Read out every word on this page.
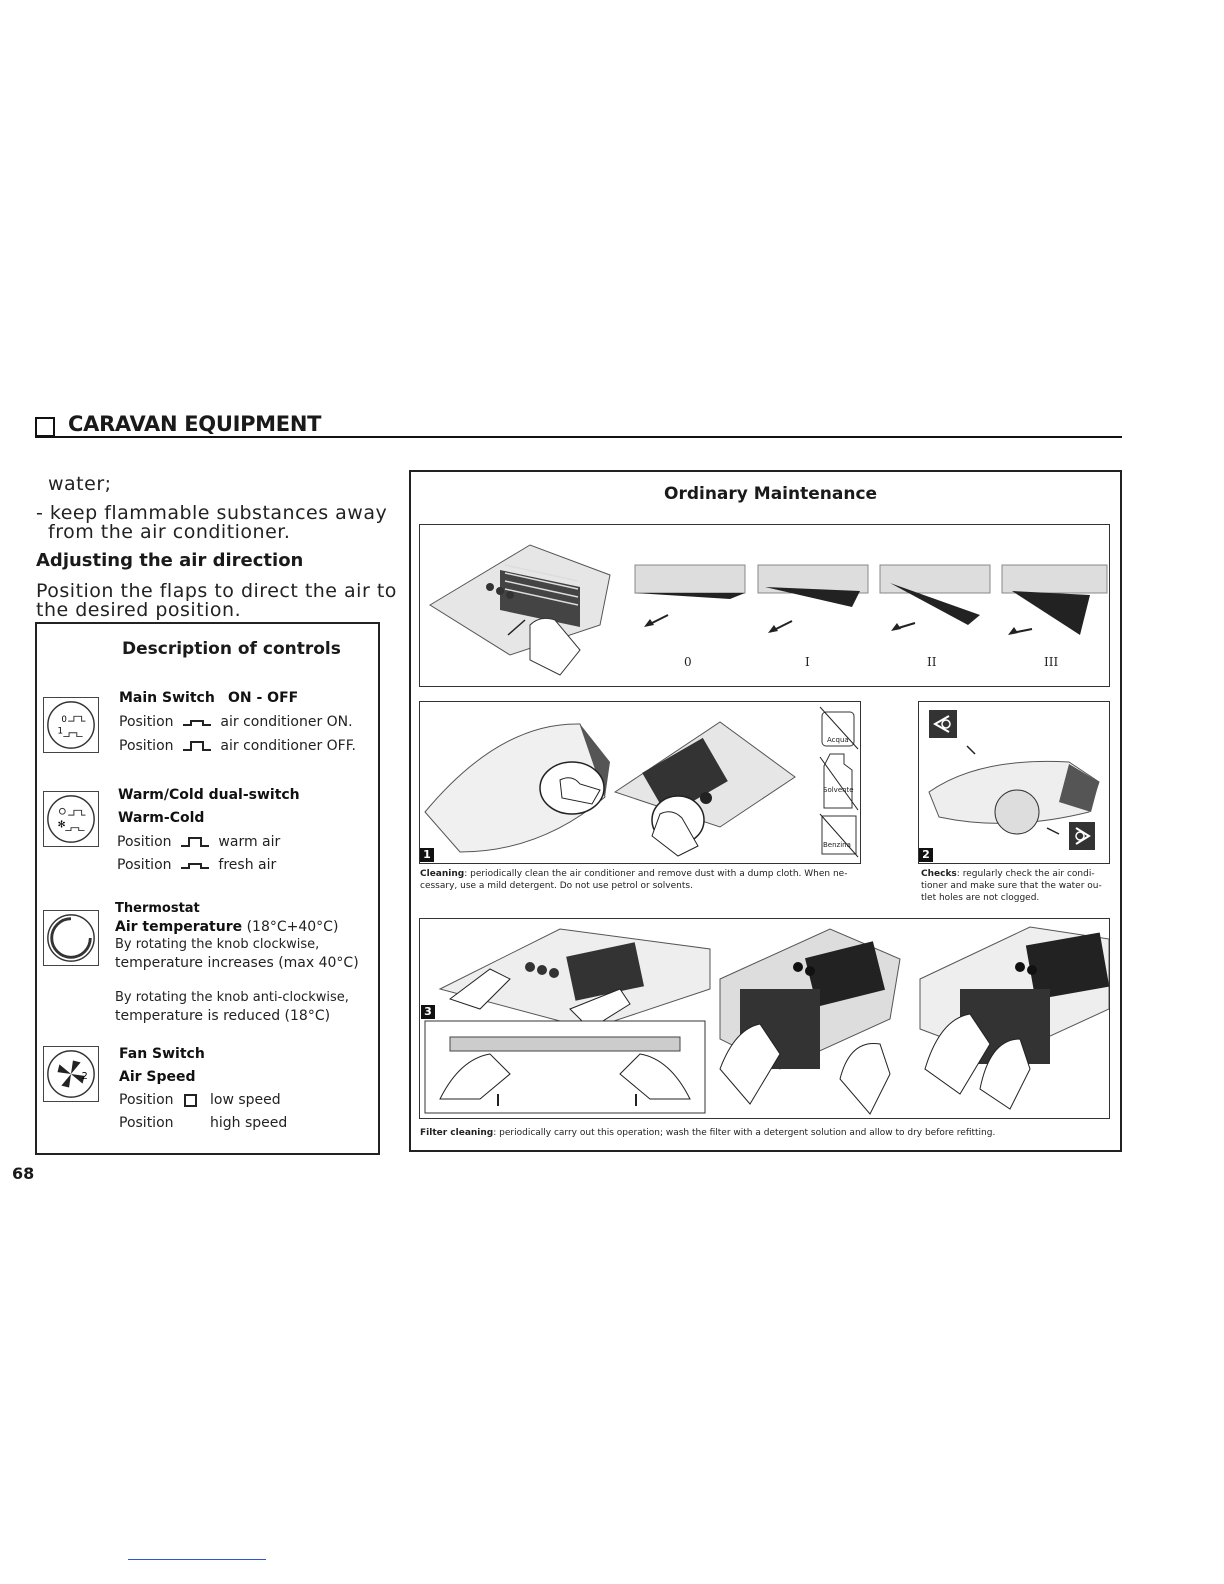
CARAVAN EQUIPMENT
water;
- keep flammable substances away
from the air conditioner.
Adjusting the air direction
Position the flaps to direct the air to
the desired position.
Description of controls
0
1
Main Switch ON - OFF
Position	air conditioner ON.
Position	air conditioner OFF.
✻
Warm/Cold dual-switch
Warm-Cold
Position	warm air
Position	fresh air
Thermostat
Air temperature (18°C+40°C)
By rotating the knob clockwise,
temperature increases (max 40°C)
By rotating the knob anti-clockwise,
temperature is reduced (18°C)
2
Fan Switch
Air Speed
Position	low speed
Position	high speed
Ordinary Maintenance
0	I	II	III
Acqua
Solvente
Benzina
1
Cleaning: periodically clean the air conditioner and remove dust with a dump cloth. When ne-
cessary, use a mild detergent. Do not use petrol or solvents.
2
Checks: regularly check the air condi-
tioner and make sure that the water ou-
tlet holes are not clogged.
3
Filter cleaning: periodically carry out this operation; wash the filter with a detergent solution and allow to dry before refitting.
68
